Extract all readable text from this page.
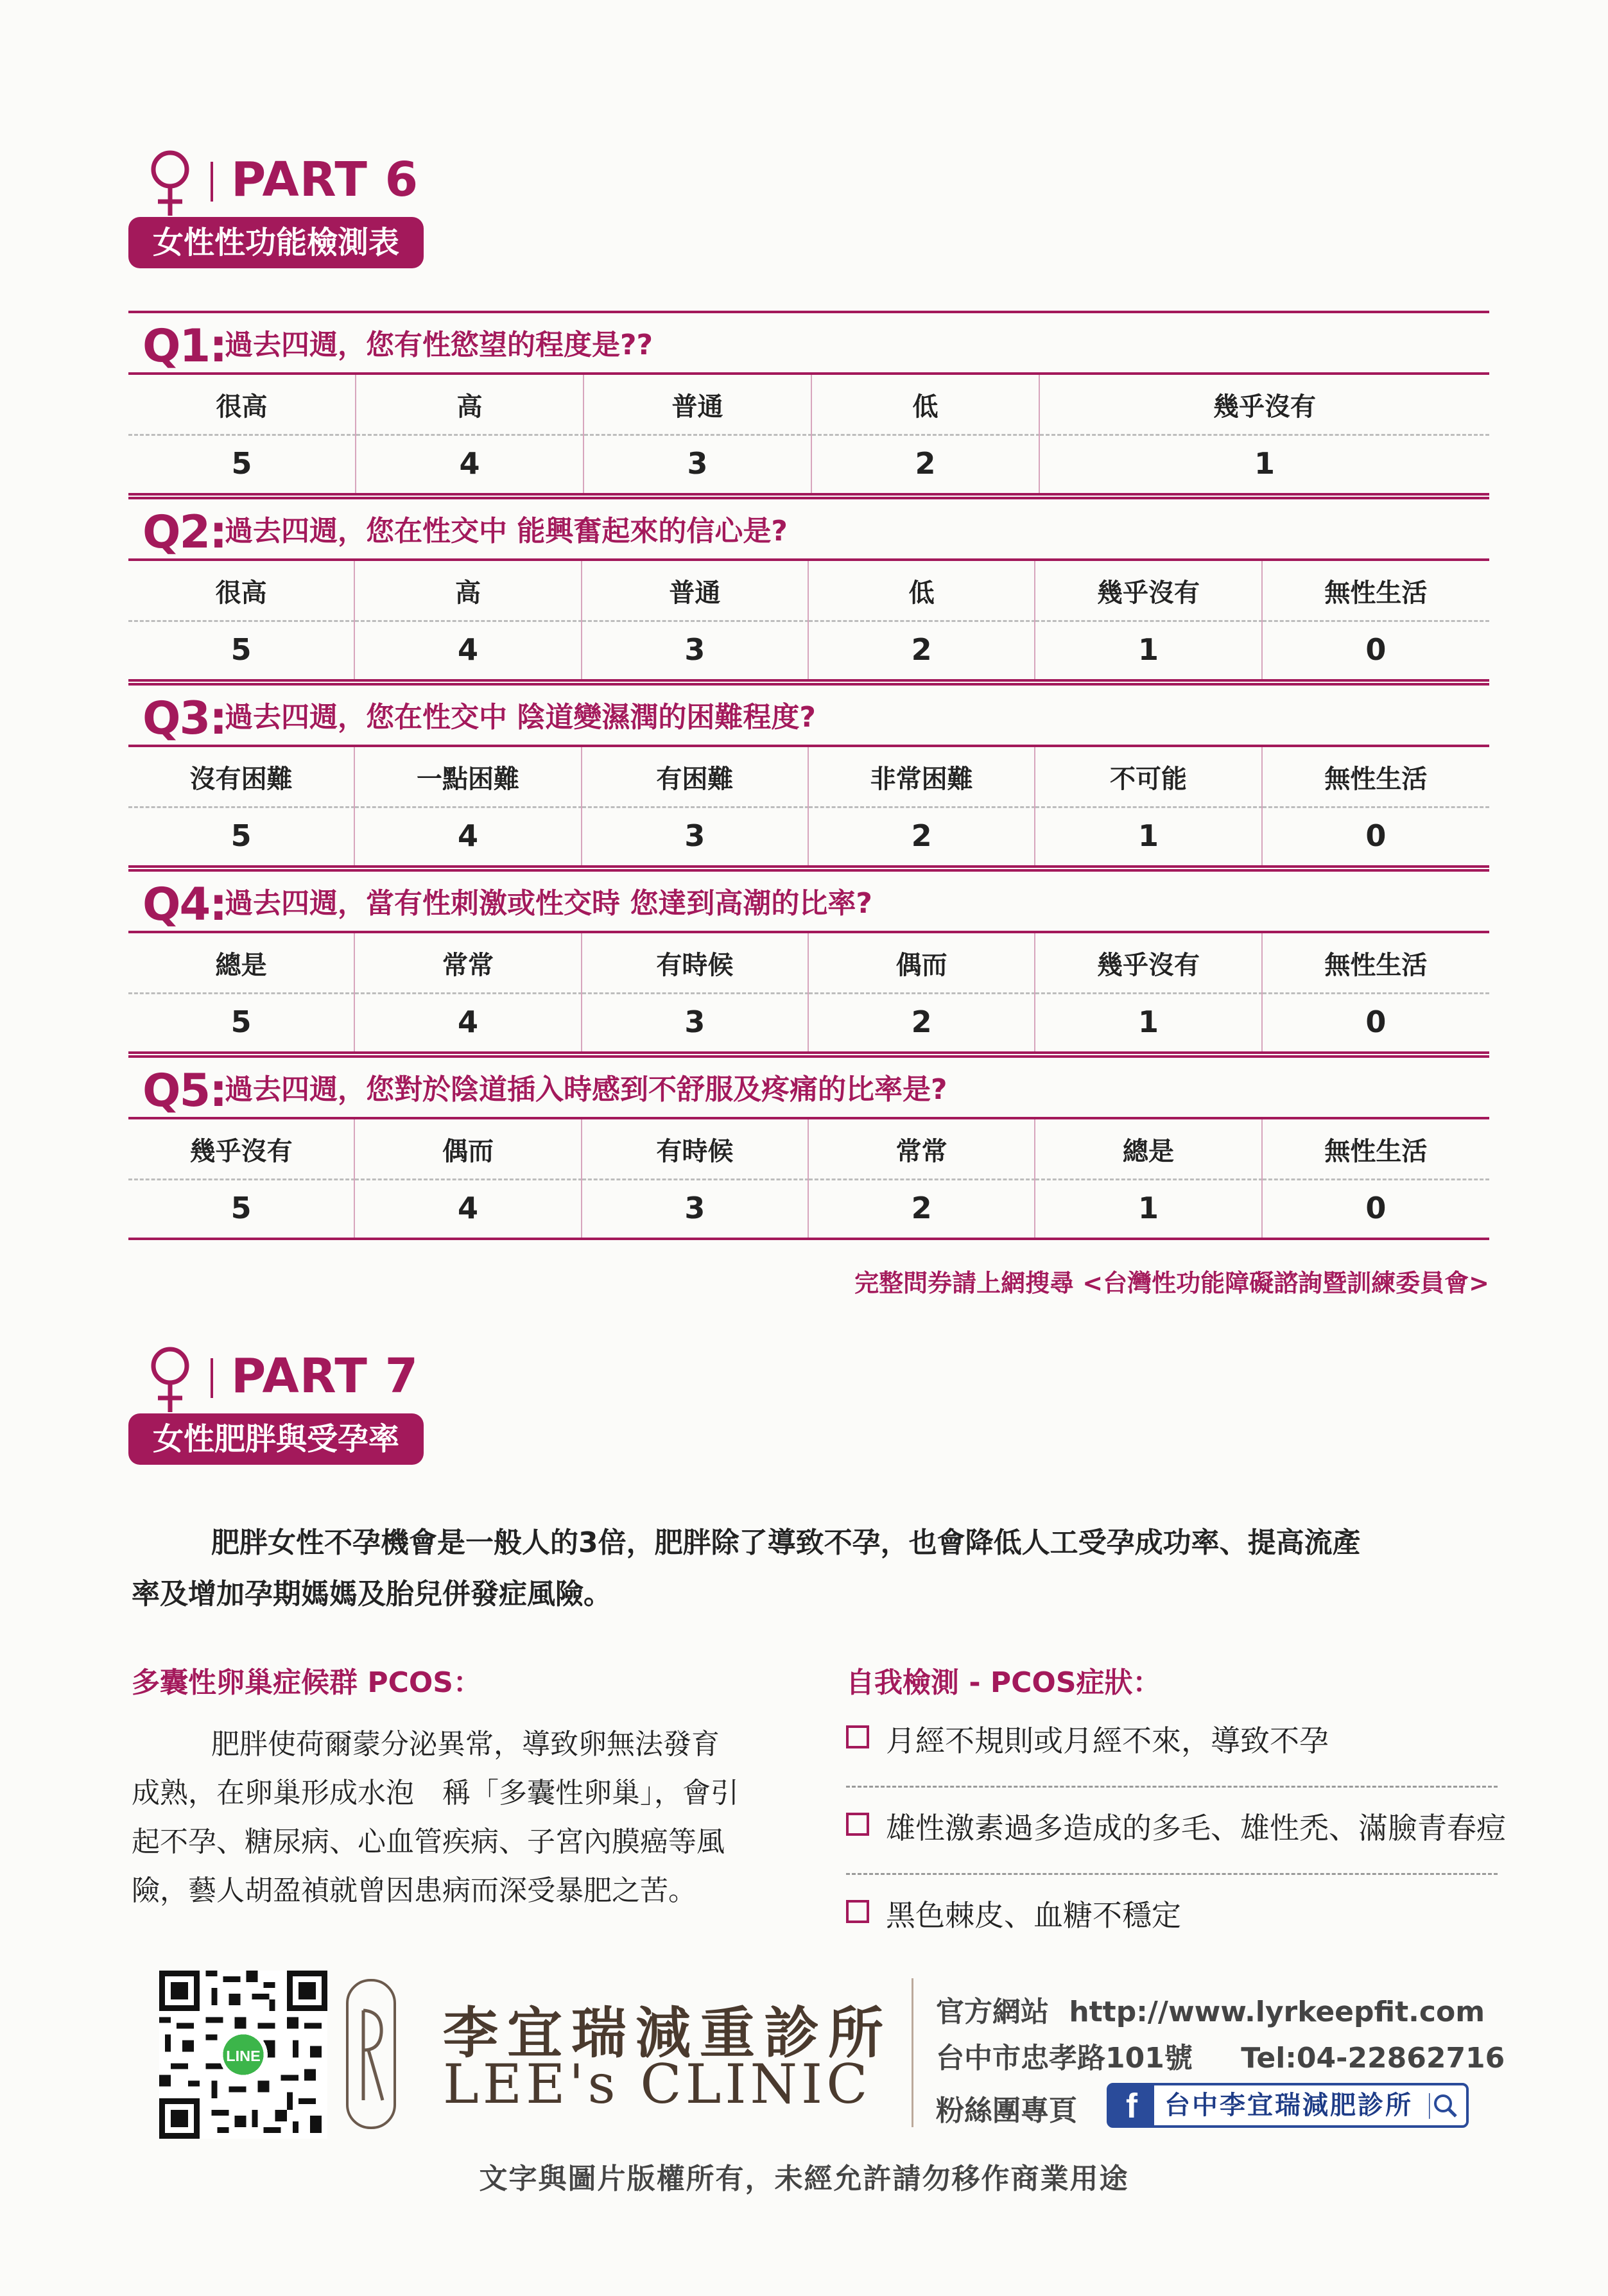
PART 6
女性性功能檢測表
Q1:
過去四週，您有性慾望的程度是??
很高	高	普通	低	幾乎沒有
5	4	3	2	1
Q2:
過去四週，您在性交中 能興奮起來的信心是?
很高	高	普通	低	幾乎沒有	無性生活
5	4	3	2	1	0
Q3:
過去四週，您在性交中 陰道變濕潤的困難程度?
沒有困難	一點困難	有困難	非常困難	不可能	無性生活
5	4	3	2	1	0
Q4:
過去四週，當有性刺激或性交時 您達到高潮的比率?
總是	常常	有時候	偶而	幾乎沒有	無性生活
5	4	3	2	1	0
Q5:
過去四週，您對於陰道插入時感到不舒服及疼痛的比率是?
幾乎沒有	偶而	有時候	常常	總是	無性生活
5	4	3	2	1	0
完整問券請上網搜尋 <台灣性功能障礙諮詢暨訓練委員會>
PART 7
女性肥胖與受孕率
肥胖女性不孕機會是一般人的3倍，肥胖除了導致不孕，也會降低人工受孕成功率、提高流產
率及增加孕期媽媽及胎兒併發症風險。
多囊性卵巢症候群 PCOS：	自我檢測 - PCOS症狀：
肥胖使荷爾蒙分泌異常，導致卵無法發育
成熟，在卵巢形成水泡　稱「多囊性卵巢」，會引
起不孕、糖尿病、心血管疾病、子宮內膜癌等風
險，藝人胡盈禎就曾因患病而深受暴肥之苦。
月經不規則或月經不來，導致不孕
雄性激素過多造成的多毛、雄性禿、滿臉青春痘
黑色棘皮、血糖不穩定
LINE	李宜瑞減重診所
LEE's CLINIC
官方網站 http://www.lyrkeepfit.com
台中市忠孝路101號 Tel:04-22862716
粉絲團專頁	f	台中李宜瑞減肥診所
文字與圖片版權所有，未經允許請勿移作商業用途
